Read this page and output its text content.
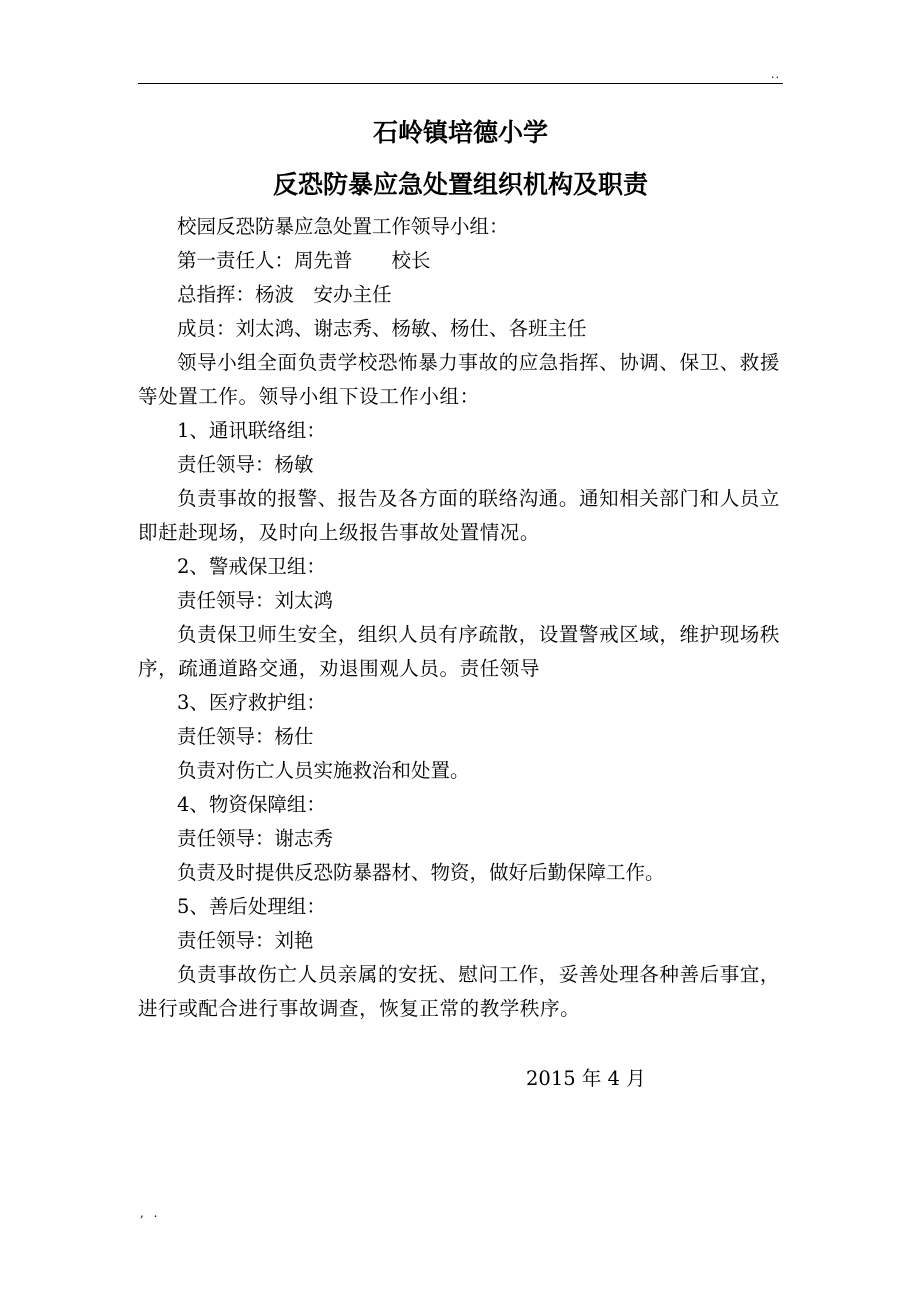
..
石岭镇培德小学
反恐防暴应急处置组织机构及职责

校园反恐防暴应急处置工作领导小组：

第一责任人：周先普　　校长

总指挥：杨波　安办主任

成员：刘太鸿、谢志秀、杨敏、杨仕、各班主任

领导小组全面负责学校恐怖暴力事故的应急指挥、协调、保卫、救援等处置工作。领导小组下设工作小组：

1、通讯联络组：

责任领导：杨敏

负责事故的报警、报告及各方面的联络沟通。通知相关部门和人员立即赶赴现场，及时向上级报告事故处置情况。

2、警戒保卫组：

责任领导：刘太鸿

负责保卫师生安全，组织人员有序疏散，设置警戒区域，维护现场秩序，疏通道路交通，劝退围观人员。责任领导

3、医疗救护组：

责任领导：杨仕

负责对伤亡人员实施救治和处置。

4、物资保障组：

责任领导：谢志秀

负责及时提供反恐防暴器材、物资，做好后勤保障工作。

5、善后处理组：

责任领导：刘艳

负责事故伤亡人员亲属的安抚、慰问工作，妥善处理各种善后事宜，进行或配合进行事故调查，恢复正常的教学秩序。

2015 年 4 月
, .
